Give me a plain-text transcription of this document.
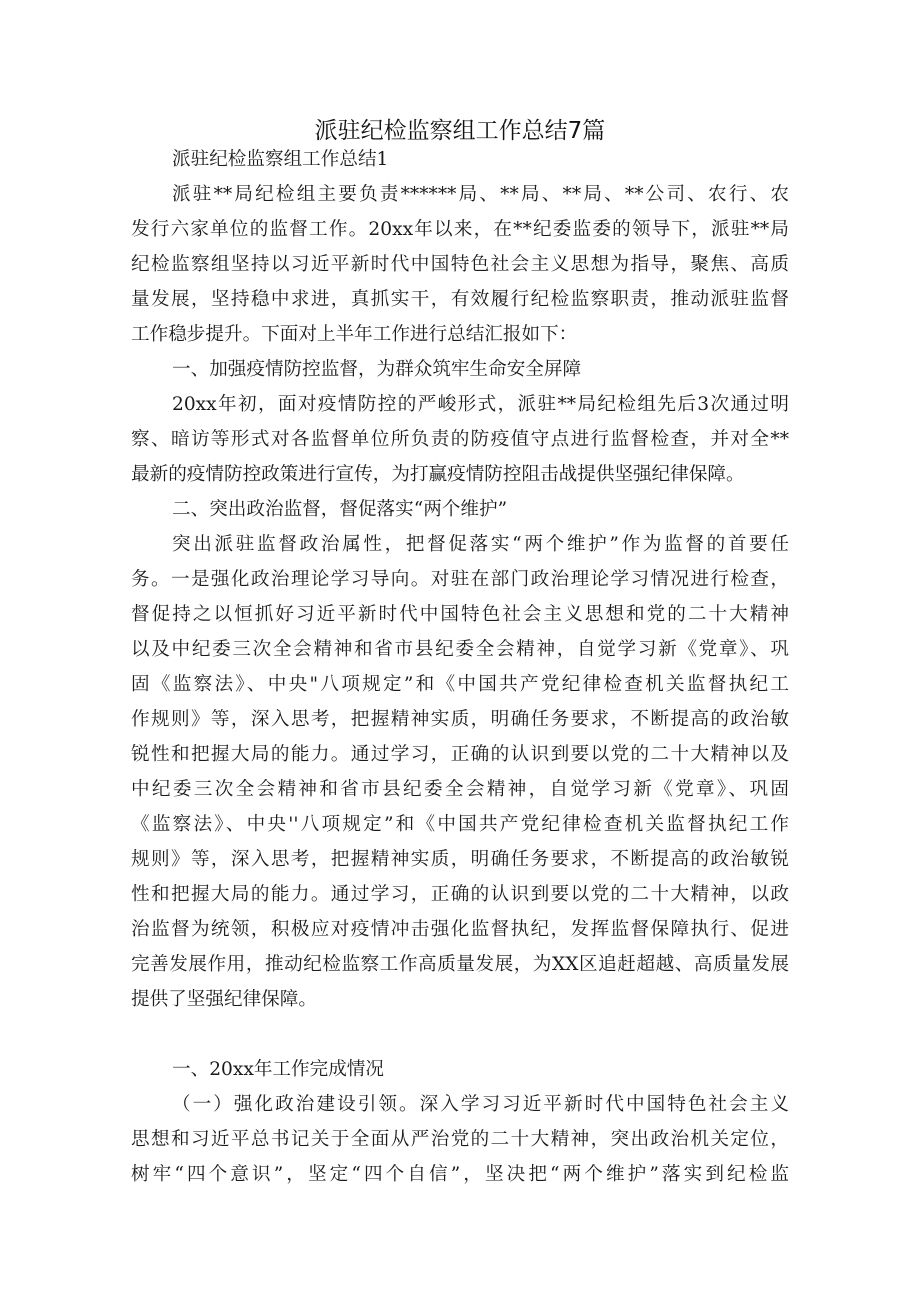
派驻纪检监察组工作总结7篇
派驻纪检监察组工作总结1
派驻**局纪检组主要负责******局、**局、**局、**公司、农行、农
发行六家单位的监督工作。20xx年以来，在**纪委监委的领导下，派驻**局
纪检监察组坚持以习近平新时代中国特色社会主义思想为指导，聚焦、高质
量发展，坚持稳中求进，真抓实干，有效履行纪检监察职责，推动派驻监督
工作稳步提升。下面对上半年工作进行总结汇报如下：
一、加强疫情防控监督，为群众筑牢生命安全屏障
20xx年初，面对疫情防控的严峻形式，派驻**局纪检组先后3次通过明
察、暗访等形式对各监督单位所负责的防疫值守点进行监督检查，并对全**
最新的疫情防控政策进行宣传，为打赢疫情防控阻击战提供坚强纪律保障。
二、突出政治监督，督促落实“两个维护”
突出派驻监督政治属性，把督促落实“两个维护”作为监督的首要任
务。一是强化政治理论学习导向。对驻在部门政治理论学习情况进行检查，
督促持之以恒抓好习近平新时代中国特色社会主义思想和党的二十大精神
以及中纪委三次全会精神和省市县纪委全会精神，自觉学习新《党章》、巩
固《监察法》、中央"八项规定”和《中国共产党纪律检查机关监督执纪工
作规则》等，深入思考，把握精神实质，明确任务要求，不断提高的政治敏
锐性和把握大局的能力。通过学习，正确的认识到要以党的二十大精神以及
中纪委三次全会精神和省市县纪委全会精神，自觉学习新《党章》、巩固
《监察法》、中央''八项规定”和《中国共产党纪律检查机关监督执纪工作
规则》等，深入思考，把握精神实质，明确任务要求，不断提高的政治敏锐
性和把握大局的能力。通过学习，正确的认识到要以党的二十大精神，以政
治监督为统领，积极应对疫情冲击强化监督执纪，发挥监督保障执行、促进
完善发展作用，推动纪检监察工作高质量发展，为XX区追赶超越、高质量发展
提供了坚强纪律保障。
一、20xx年工作完成情况
（一）强化政治建设引领。深入学习习近平新时代中国特色社会主义
思想和习近平总书记关于全面从严治党的二十大精神，突出政治机关定位，
树牢“四个意识”，坚定“四个自信”，坚决把“两个维护”落实到纪检监
